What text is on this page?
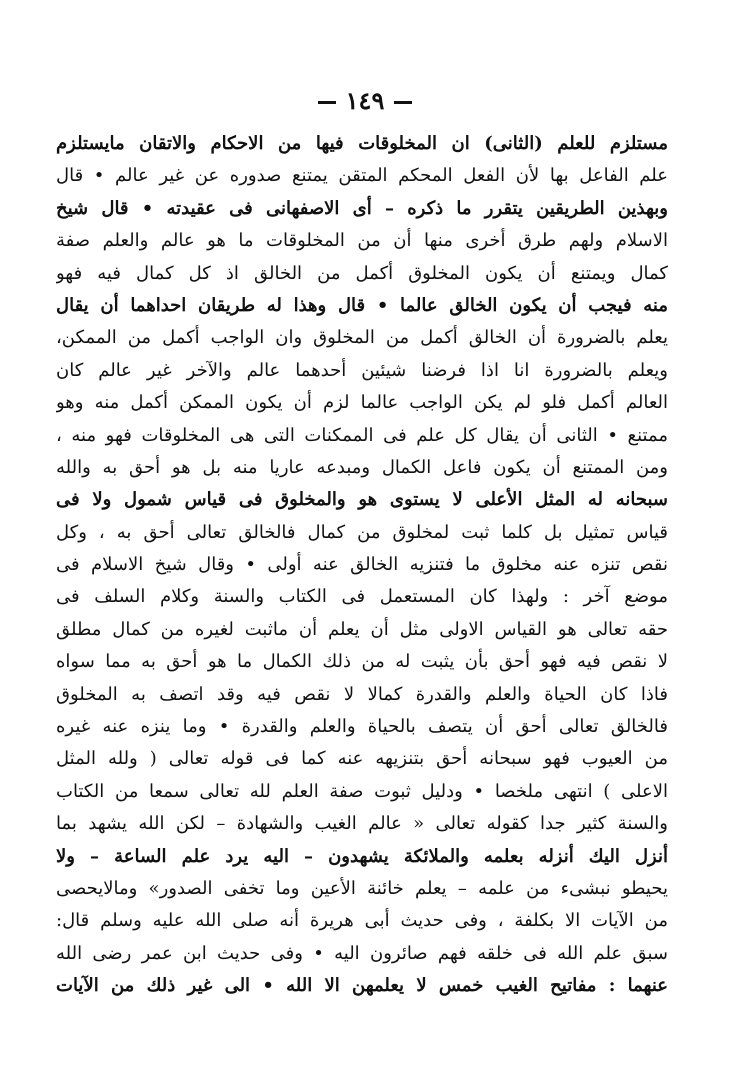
١٤٩
مستلزم للعلم (الثانى) ان المخلوقات فيها من الاحكام والاتقان مايستلزم
علم الفاعل بها لأن الفعل المحكم المتقن يمتنع صدوره عن غير عالم • قال
وبهذين الطريقين يتقرر ما ذكره – أى الاصفهانى فى عقيدته • قال شيخ
الاسلام ولهم طرق أخرى منها أن من المخلوقات ما هو عالم والعلم صفة
كمال ويمتنع أن يكون المخلوق أكمل من الخالق اذ كل كمال فيه فهو
منه فيجب أن يكون الخالق عالما • قال وهذا له طريقان احداهما أن يقال
يعلم بالضرورة أن الخالق أكمل من المخلوق وان الواجب أكمل من الممكن،
ويعلم بالضرورة انا اذا فرضنا شيئين أحدهما عالم والآخر غير عالم كان
العالم أكمل فلو لم يكن الواجب عالما لزم أن يكون الممكن أكمل منه وهو
ممتنع • الثانى أن يقال كل علم فى الممكنات التى هى المخلوقات فهو منه ،
ومن الممتنع أن يكون فاعل الكمال ومبدعه عاريا منه بل هو أحق به والله
سبحانه له المثل الأعلى لا يستوى هو والمخلوق فى قياس شمول ولا فى
قياس تمثيل بل كلما ثبت لمخلوق من كمال فالخالق تعالى أحق به ، وكل
نقص تنزه عنه مخلوق ما فتنزيه الخالق عنه أولى • وقال شيخ الاسلام فى
موضع آخر : ولهذا كان المستعمل فى الكتاب والسنة وكلام السلف فى
حقه تعالى هو القياس الاولى مثل أن يعلم أن ماثبت لغيره من كمال مطلق
لا نقص فيه فهو أحق بأن يثبت له من ذلك الكمال ما هو أحق به مما سواه
فاذا كان الحياة والعلم والقدرة كمالا لا نقص فيه وقد اتصف به المخلوق
فالخالق تعالى أحق أن يتصف بالحياة والعلم والقدرة • وما ينزه عنه غيره
من العيوب فهو سبحانه أحق بتنزيهه عنه كما فى قوله تعالى ( ولله المثل
الاعلى ) انتهى ملخصا • ودليل ثبوت صفة العلم لله تعالى سمعا من الكتاب
والسنة كثير جدا كقوله تعالى « عالم الغيب والشهادة – لكن الله يشهد بما
أنزل اليك أنزله بعلمه والملائكة يشهدون – اليه يرد علم الساعة – ولا
يحيطو نبشىء من علمه – يعلم خائنة الأعين وما تخفى الصدور» ومالايحصى
من الآيات الا بكلفة ، وفى حديث أبى هريرة أنه صلى الله عليه وسلم قال:
سبق علم الله فى خلقه فهم صائرون اليه • وفى حديث ابن عمر رضى الله
عنهما : مفاتيح الغيب خمس لا يعلمهن الا الله • الى غير ذلك من الآيات
